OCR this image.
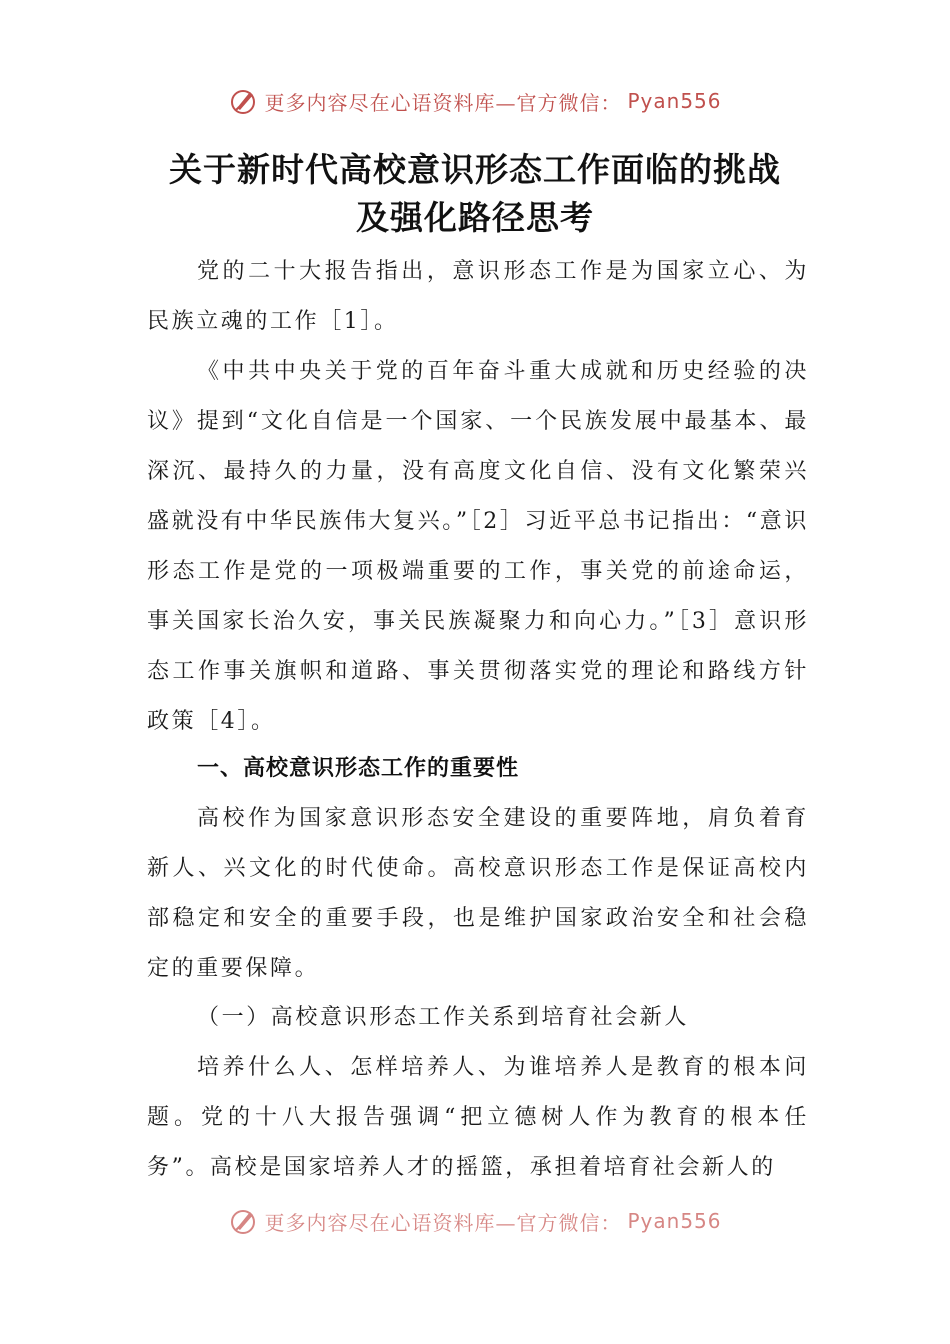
更多内容尽在心语资料库—官方微信： Pyan556
关于新时代高校意识形态工作面临的挑战
及强化路径思考
党的二十大报告指出，意识形态工作是为国家立心、为民族立魂的工作［1］。
《中共中央关于党的百年奋斗重大成就和历史经验的决议》提到“文化自信是一个国家、一个民族发展中最基本、最深沉、最持久的力量，没有高度文化自信、没有文化繁荣兴盛就没有中华民族伟大复兴。”［2］习近平总书记指出：“意识形态工作是党的一项极端重要的工作，事关党的前途命运，事关国家长治久安，事关民族凝聚力和向心力。”［3］意识形态工作事关旗帜和道路、事关贯彻落实党的理论和路线方针政策［4］。
一、高校意识形态工作的重要性
高校作为国家意识形态安全建设的重要阵地，肩负着育新人、兴文化的时代使命。高校意识形态工作是保证高校内部稳定和安全的重要手段，也是维护国家政治安全和社会稳定的重要保障。
（一）高校意识形态工作关系到培育社会新人
培养什么人、怎样培养人、为谁培养人是教育的根本问题。党的十八大报告强调“把立德树人作为教育的根本任务”。高校是国家培养人才的摇篮，承担着培育社会新人的
更多内容尽在心语资料库—官方微信： Pyan556
